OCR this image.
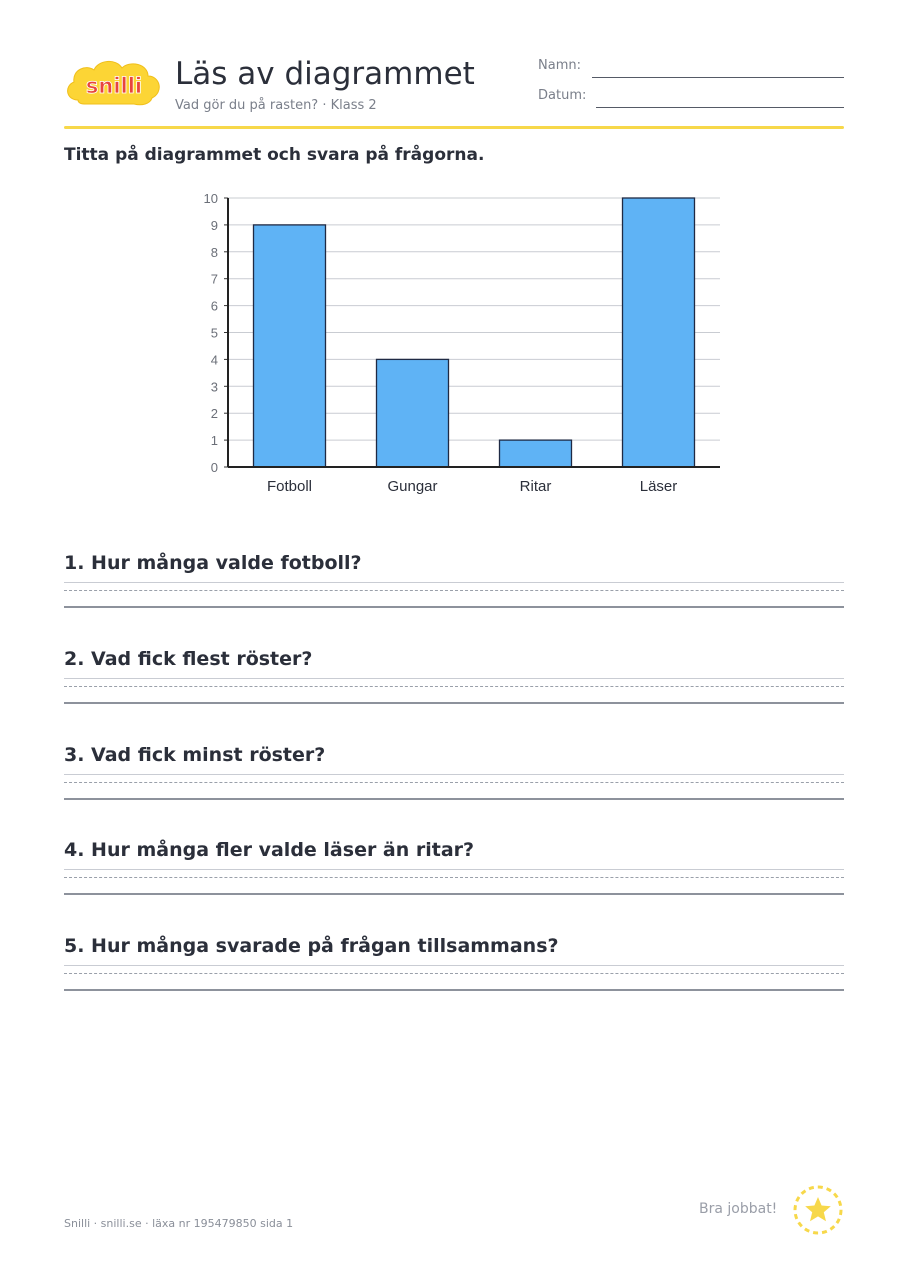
snilli Läs av diagrammet
Vad gör du på rasten? · Klass 2
Namn:
Datum:
Titta på diagrammet och svara på frågorna.
0
1
2
3
4
5
6
7
8
9
10
Fotboll	Gungar	Ritar	Läser
1. Hur många valde fotboll?
2. Vad fick flest röster?
3. Vad fick minst röster?
4. Hur många fler valde läser än ritar?
5. Hur många svarade på frågan tillsammans?
Snilli · snilli.se · läxa nr 195479850 sida 1
Bra jobbat!
